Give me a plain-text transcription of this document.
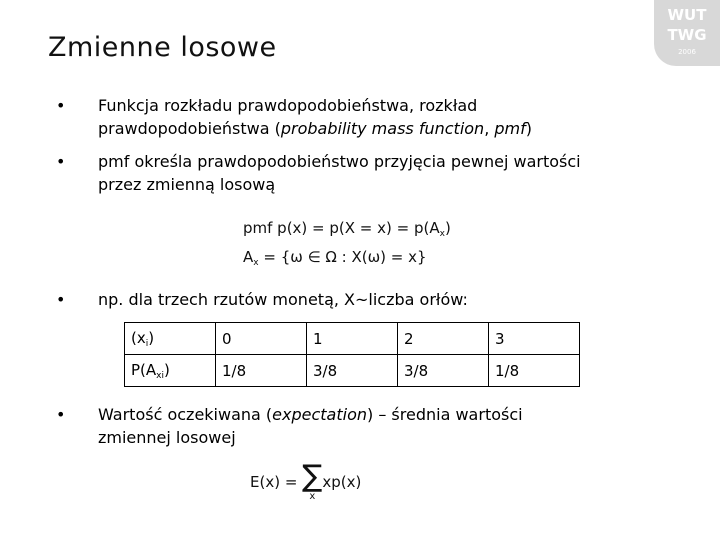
Zmienne losowe
WUT
TWG
2006
• Funkcja rozkładu prawdopodobieństwa, rozkład
prawdopodobieństwa (probability mass function, pmf)
• pmf określa prawdopodobieństwo przyjęcia pewnej wartości
przez zmienną losową
pmf $p(x) = p(X = x) = p(A_x)$
$A_x = \{\omega$ ∈ Ω : X(ω) = x}
• np. dla trzech rzutów monetą, X~liczba orłów:
$(x_i)$	0	1	2	3
$P(A_{xi})$	1/8	3/8	3/8	1/8
• Wartość oczekiwana (expectation) – średnia wartości
zmiennej losowej
E(x) = ∑
x
xp(x)
